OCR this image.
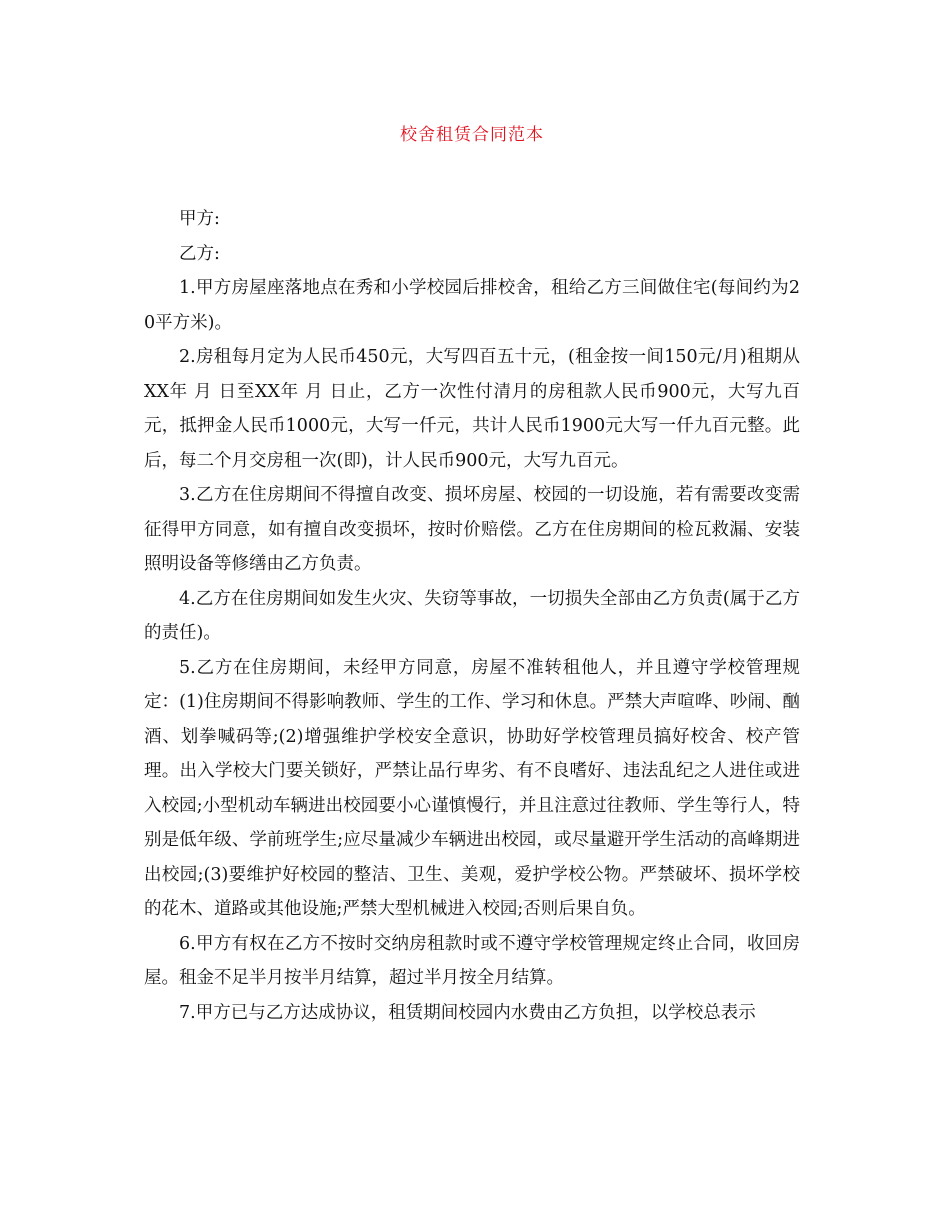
校舍租赁合同范本

甲方:

乙方:

1.甲方房屋座落地点在秀和小学校园后排校舍，租给乙方三间做住宅(每间约为20平方米)。

2.房租每月定为人民币450元，大写四百五十元，(租金按一间150元/月)租期从XX年 月 日至XX年 月 日止，乙方一次性付清月的房租款人民币900元，大写九百元，抵押金人民币1000元，大写一仟元，共计人民币1900元大写一仟九百元整。此后，每二个月交房租一次(即)，计人民币900元，大写九百元。

3.乙方在住房期间不得擅自改变、损坏房屋、校园的一切设施，若有需要改变需征得甲方同意，如有擅自改变损坏，按时价赔偿。乙方在住房期间的检瓦救漏、安装照明设备等修缮由乙方负责。

4.乙方在住房期间如发生火灾、失窃等事故，一切损失全部由乙方负责(属于乙方的责任)。

5.乙方在住房期间，未经甲方同意，房屋不准转租他人，并且遵守学校管理规定：(1)住房期间不得影响教师、学生的工作、学习和休息。严禁大声喧哗、吵闹、酗酒、划拳喊码等;(2)增强维护学校安全意识，协助好学校管理员搞好校舍、校产管理。出入学校大门要关锁好，严禁让品行卑劣、有不良嗜好、违法乱纪之人进住或进入校园;小型机动车辆进出校园要小心谨慎慢行，并且注意过往教师、学生等行人，特别是低年级、学前班学生;应尽量减少车辆进出校园，或尽量避开学生活动的高峰期进出校园;(3)要维护好校园的整洁、卫生、美观，爱护学校公物。严禁破坏、损坏学校的花木、道路或其他设施;严禁大型机械进入校园;否则后果自负。

6.甲方有权在乙方不按时交纳房租款时或不遵守学校管理规定终止合同，收回房屋。租金不足半月按半月结算，超过半月按全月结算。

7.甲方已与乙方达成协议，租赁期间校园内水费由乙方负担，以学校总表示
